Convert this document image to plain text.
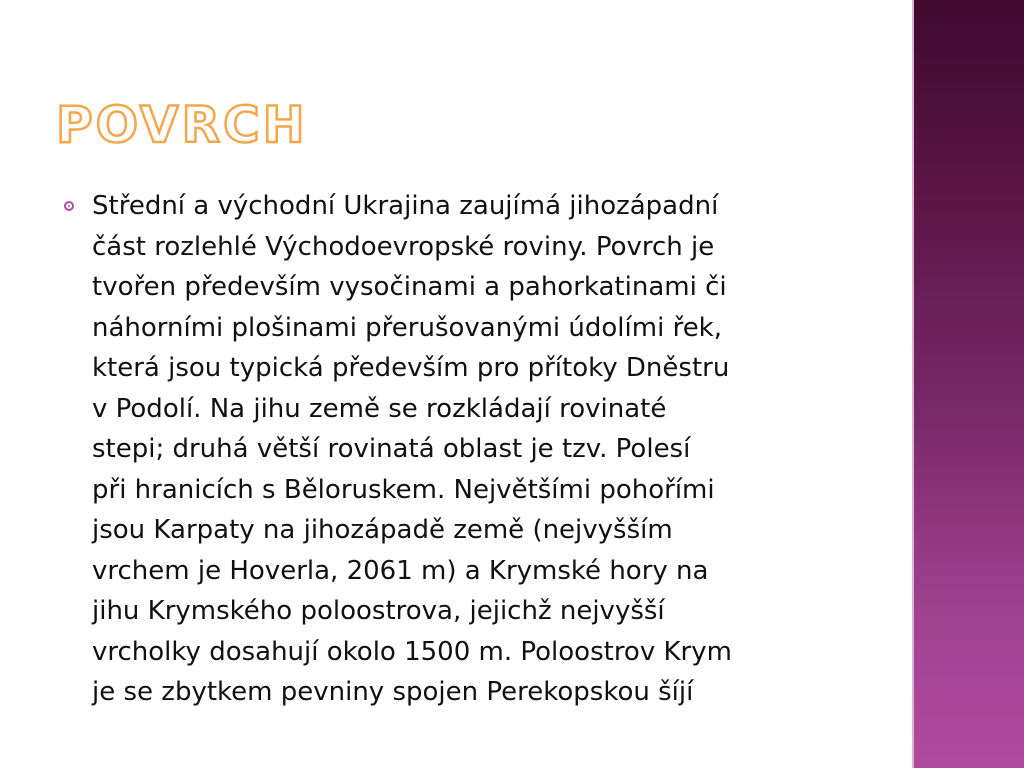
POVRCH

Střední a východní Ukrajina zaujímá jihozápadní
část rozlehlé Východoevropské roviny. Povrch je
tvořen především vysočinami a pahorkatinami či
náhorními plošinami přerušovanými údolími řek,
která jsou typická především pro přítoky Dněstru
v Podolí. Na jihu země se rozkládají rovinaté
stepi; druhá větší rovinatá oblast je tzv. Polesí
při hranicích s Běloruskem. Největšími pohořími
jsou Karpaty na jihozápadě země (nejvyšším
vrchem je Hoverla, 2061 m) a Krymské hory na
jihu Krymského poloostrova, jejichž nejvyšší
vrcholky dosahují okolo 1500 m. Poloostrov Krym
je se zbytkem pevniny spojen Perekopskou šíjí
